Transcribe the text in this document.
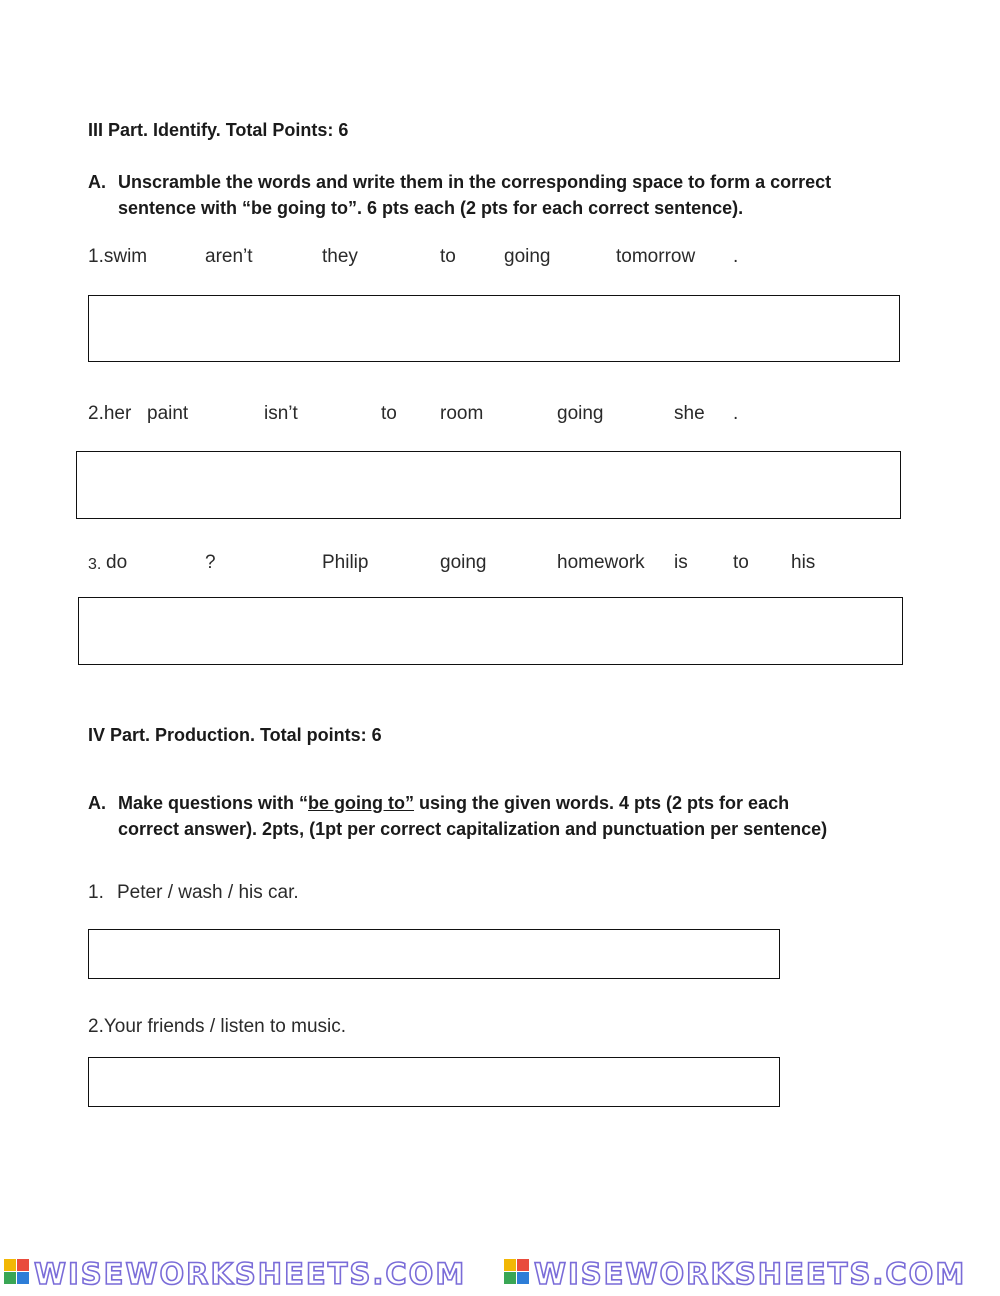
III Part. Identify. Total Points: 6
A. Unscramble the words and write them in the corresponding space to form a correct
sentence with “be going to”. 6 pts each (2 pts for each correct sentence).
1.swim	aren’t	they	to	going	tomorrow .
2.her paint	isn’t	to room	going	she .
3. do	?	Philip	going	homework is to his
IV Part. Production. Total points: 6
A. Make questions with “be going to” using the given words. 4 pts (2 pts for each
correct answer). 2pts, (1pt per correct capitalization and punctuation per sentence)
1. Peter / wash / his car.
2.Your friends / listen to music.
WISEWORKSHEETS.COM WISEWORKSHEETS.COM
